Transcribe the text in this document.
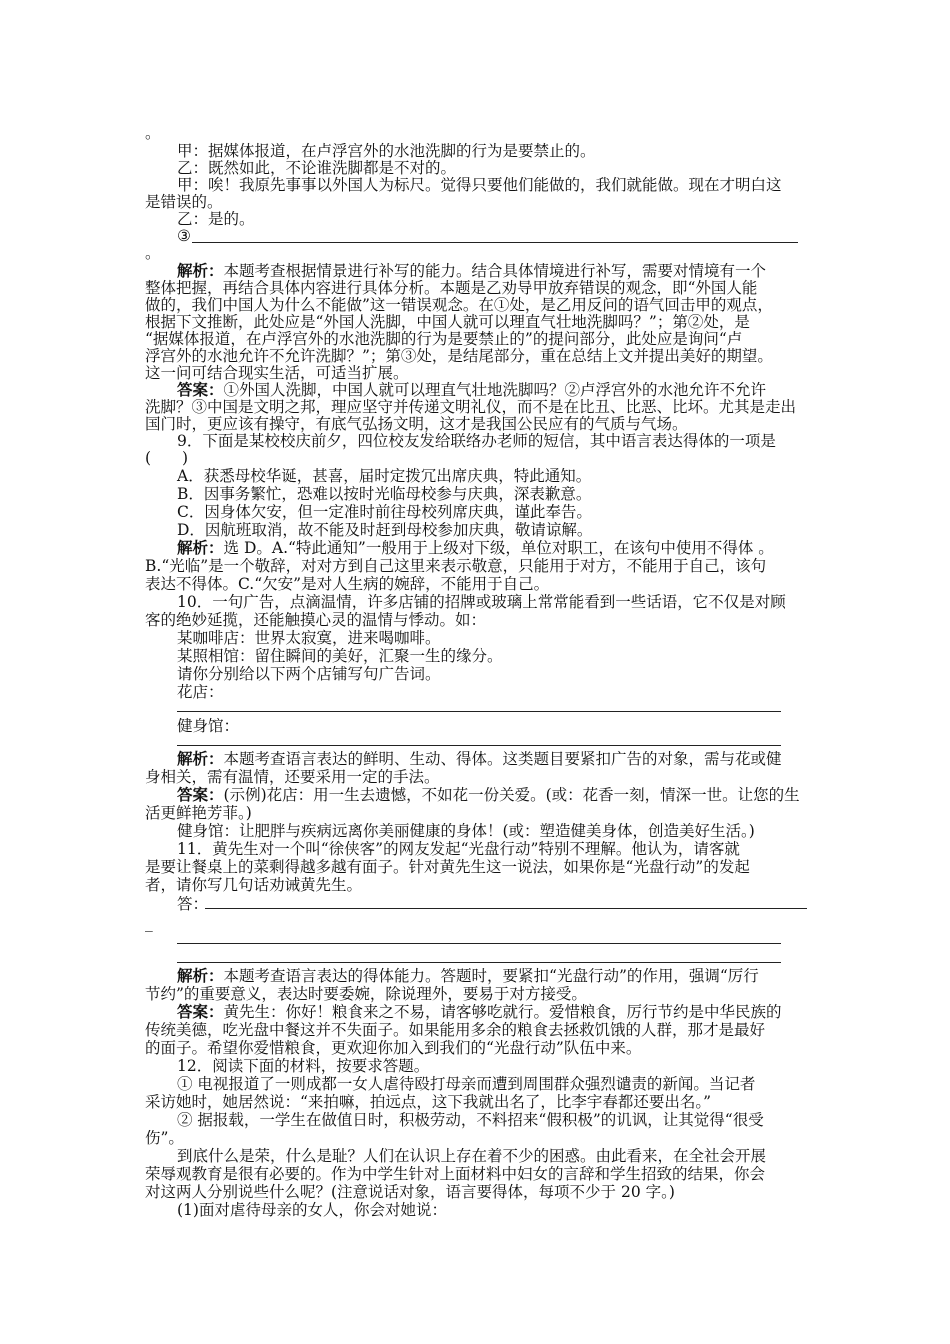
。
甲：据媒体报道，在卢浮宫外的水池洗脚的行为是要禁止的。
乙：既然如此，不论谁洗脚都是不对的。
甲：唉！我原先事事以外国人为标尺。觉得只要他们能做的，我们就能做。现在才明白这
是错误的。
乙：是的。
③
。
解析：本题考查根据情景进行补写的能力。结合具体情境进行补写，需要对情境有一个
整体把握，再结合具体内容进行具体分析。本题是乙劝导甲放弃错误的观念，即“外国人能
做的，我们中国人为什么不能做”这一错误观念。在①处，是乙用反问的语气回击甲的观点，
根据下文推断，此处应是“外国人洗脚，中国人就可以理直气壮地洗脚吗？”；第②处，是
“据媒体报道，在卢浮宫外的水池洗脚的行为是要禁止的”的提问部分，此处应是询问“卢
浮宫外的水池允许不允许洗脚？”；第③处，是结尾部分，重在总结上文并提出美好的期望。
这一问可结合现实生活，可适当扩展。
答案：①外国人洗脚，中国人就可以理直气壮地洗脚吗？②卢浮宫外的水池允许不允许
洗脚？③中国是文明之邦，理应坚守并传递文明礼仪，而不是在比丑、比恶、比坏。尤其是走出
国门时，更应该有操守，有底气弘扬文明，这才是我国公民应有的气质与气场。
9．下面是某校校庆前夕，四位校友发给联络办老师的短信，其中语言表达得体的一项是
(　　)
A．获悉母校华诞，甚喜，届时定拨冗出席庆典，特此通知。
B．因事务繁忙，恐难以按时光临母校参与庆典，深表歉意。
C．因身体欠安，但一定准时前往母校列席庆典，谨此奉告。
D．因航班取消，故不能及时赶到母校参加庆典，敬请谅解。
解析：选 D。A.“特此通知”一般用于上级对下级，单位对职工，在该句中使用不得体 。
B.“光临”是一个敬辞，对对方到自己这里来表示敬意，只能用于对方，不能用于自己，该句
表达不得体。C.“欠安”是对人生病的婉辞，不能用于自己。
10．一句广告，点滴温情，许多店铺的招牌或玻璃上常常能看到一些话语，它不仅是对顾
客的绝妙延揽，还能触摸心灵的温情与悸动。如：
某咖啡店：世界太寂寞，进来喝咖啡。
某照相馆：留住瞬间的美好，汇聚一生的缘分。
请你分别给以下两个店铺写句广告词。
花店：
健身馆：
解析：本题考查语言表达的鲜明、生动、得体。这类题目要紧扣广告的对象，需与花或健
身相关，需有温情，还要采用一定的手法。
答案：(示例)花店：用一生去遗憾，不如花一份关爱。(或：花香一刻，情深一世。让您的生
活更鲜艳芳菲。)
健身馆：让肥胖与疾病远离你美丽健康的身体！(或：塑造健美身体，创造美好生活。)
11．黄先生对一个叫“徐侠客”的网友发起“光盘行动”特别不理解。他认为，请客就
是要让餐桌上的菜剩得越多越有面子。针对黄先生这一说法，如果你是“光盘行动”的发起
者，请你写几句话劝诫黄先生。
答：
_
解析：本题考查语言表达的得体能力。答题时，要紧扣“光盘行动”的作用，强调“厉行
节约”的重要意义，表达时要委婉，除说理外，要易于对方接受。
答案：黄先生：你好！粮食来之不易，请客够吃就行。爱惜粮食，厉行节约是中华民族的
传统美德，吃光盘中餐这并不失面子。如果能用多余的粮食去拯救饥饿的人群，那才是最好
的面子。希望你爱惜粮食，更欢迎你加入到我们的“光盘行动”队伍中来。
12．阅读下面的材料，按要求答题。
① 电视报道了一则成都一女人虐待殴打母亲而遭到周围群众强烈谴责的新闻。当记者
采访她时，她居然说：“来拍嘛，拍远点，这下我就出名了，比李宇春都还要出名。”
② 据报载，一学生在做值日时，积极劳动，不料招来“假积极”的讥讽，让其觉得“很受
伤”。
到底什么是荣，什么是耻？人们在认识上存在着不少的困惑。由此看来，在全社会开展
荣辱观教育是很有必要的。作为中学生针对上面材料中妇女的言辞和学生招致的结果，你会
对这两人分别说些什么呢？(注意说话对象，语言要得体，每项不少于 20 字。)
(1)面对虐待母亲的女人，你会对她说：
